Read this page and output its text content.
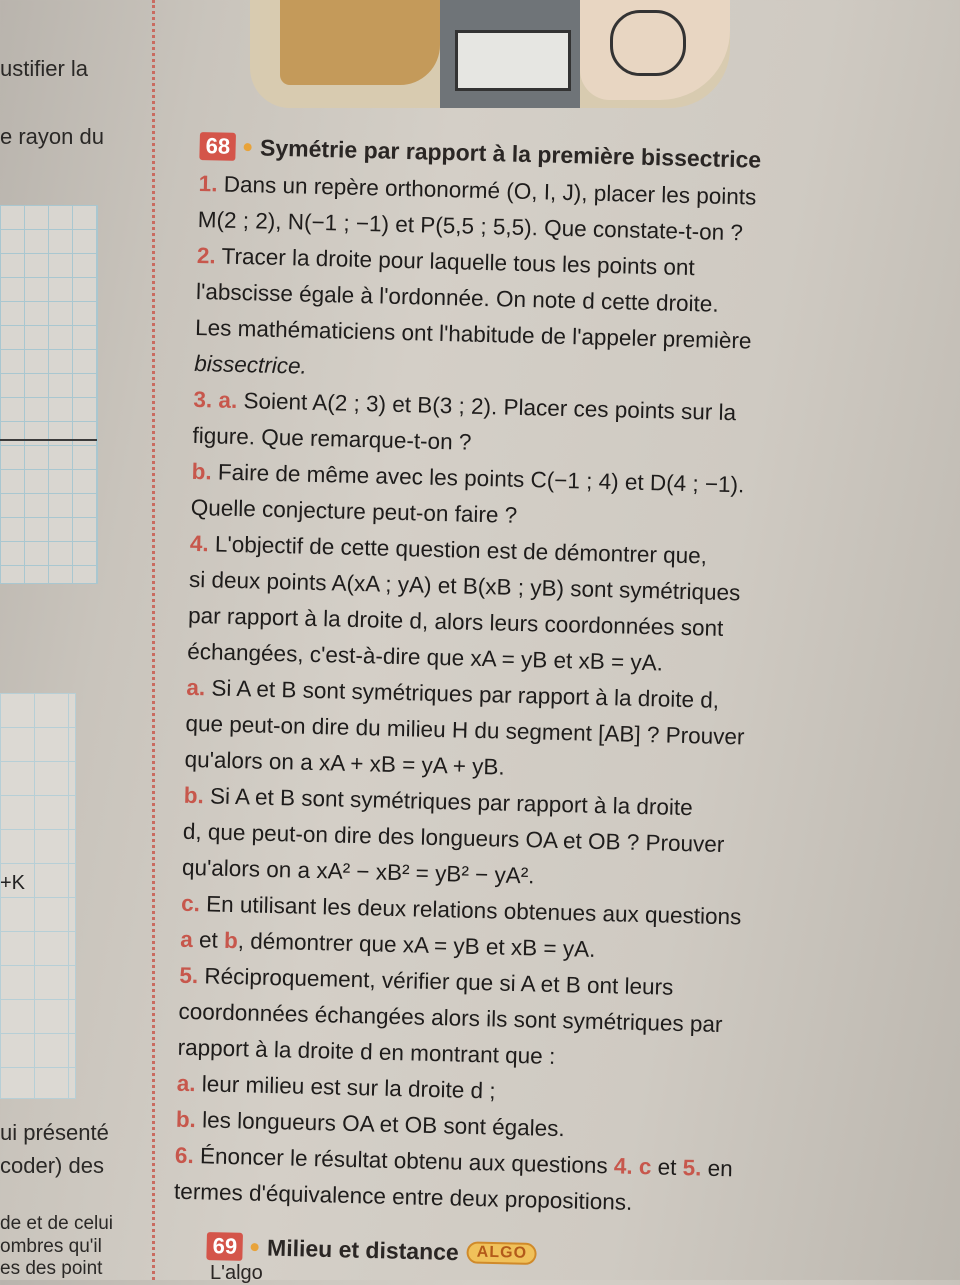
ustifier la
e rayon du
+K
ui présenté
coder) des
de et de celui
ombres qu'il
es des point
68 Symétrie par rapport à la première bissectrice

1. Dans un repère orthonormé (O, I, J), placer les points

M(2 ; 2), N(−1 ; −1) et P(5,5 ; 5,5). Que constate-t-on ?

2. Tracer la droite pour laquelle tous les points ont

l'abscisse égale à l'ordonnée. On note d cette droite.

Les mathématiciens ont l'habitude de l'appeler première

bissectrice.

3. a. Soient A(2 ; 3) et B(3 ; 2). Placer ces points sur la

figure. Que remarque-t-on ?

b. Faire de même avec les points C(−1 ; 4) et D(4 ; −1).

Quelle conjecture peut-on faire ?

4. L'objectif de cette question est de démontrer que,

si deux points A(xA ; yA) et B(xB ; yB) sont symétriques

par rapport à la droite d, alors leurs coordonnées sont

échangées, c'est-à-dire que xA = yB et xB = yA.

a. Si A et B sont symétriques par rapport à la droite d,

que peut-on dire du milieu H du segment [AB] ? Prouver

qu'alors on a xA + xB = yA + yB.

b. Si A et B sont symétriques par rapport à la droite

d, que peut-on dire des longueurs OA et OB ? Prouver

qu'alors on a xA² − xB² = yB² − yA².

c. En utilisant les deux relations obtenues aux questions

a et b, démontrer que xA = yB et xB = yA.

5. Réciproquement, vérifier que si A et B ont leurs

coordonnées échangées alors ils sont symétriques par

rapport à la droite d en montrant que :

a. leur milieu est sur la droite d ;

b. les longueurs OA et OB sont égales.

6. Énoncer le résultat obtenu aux questions 4. c et 5. en

termes d'équivalence entre deux propositions.

69 Milieu et distance	ALGO
L'algo
